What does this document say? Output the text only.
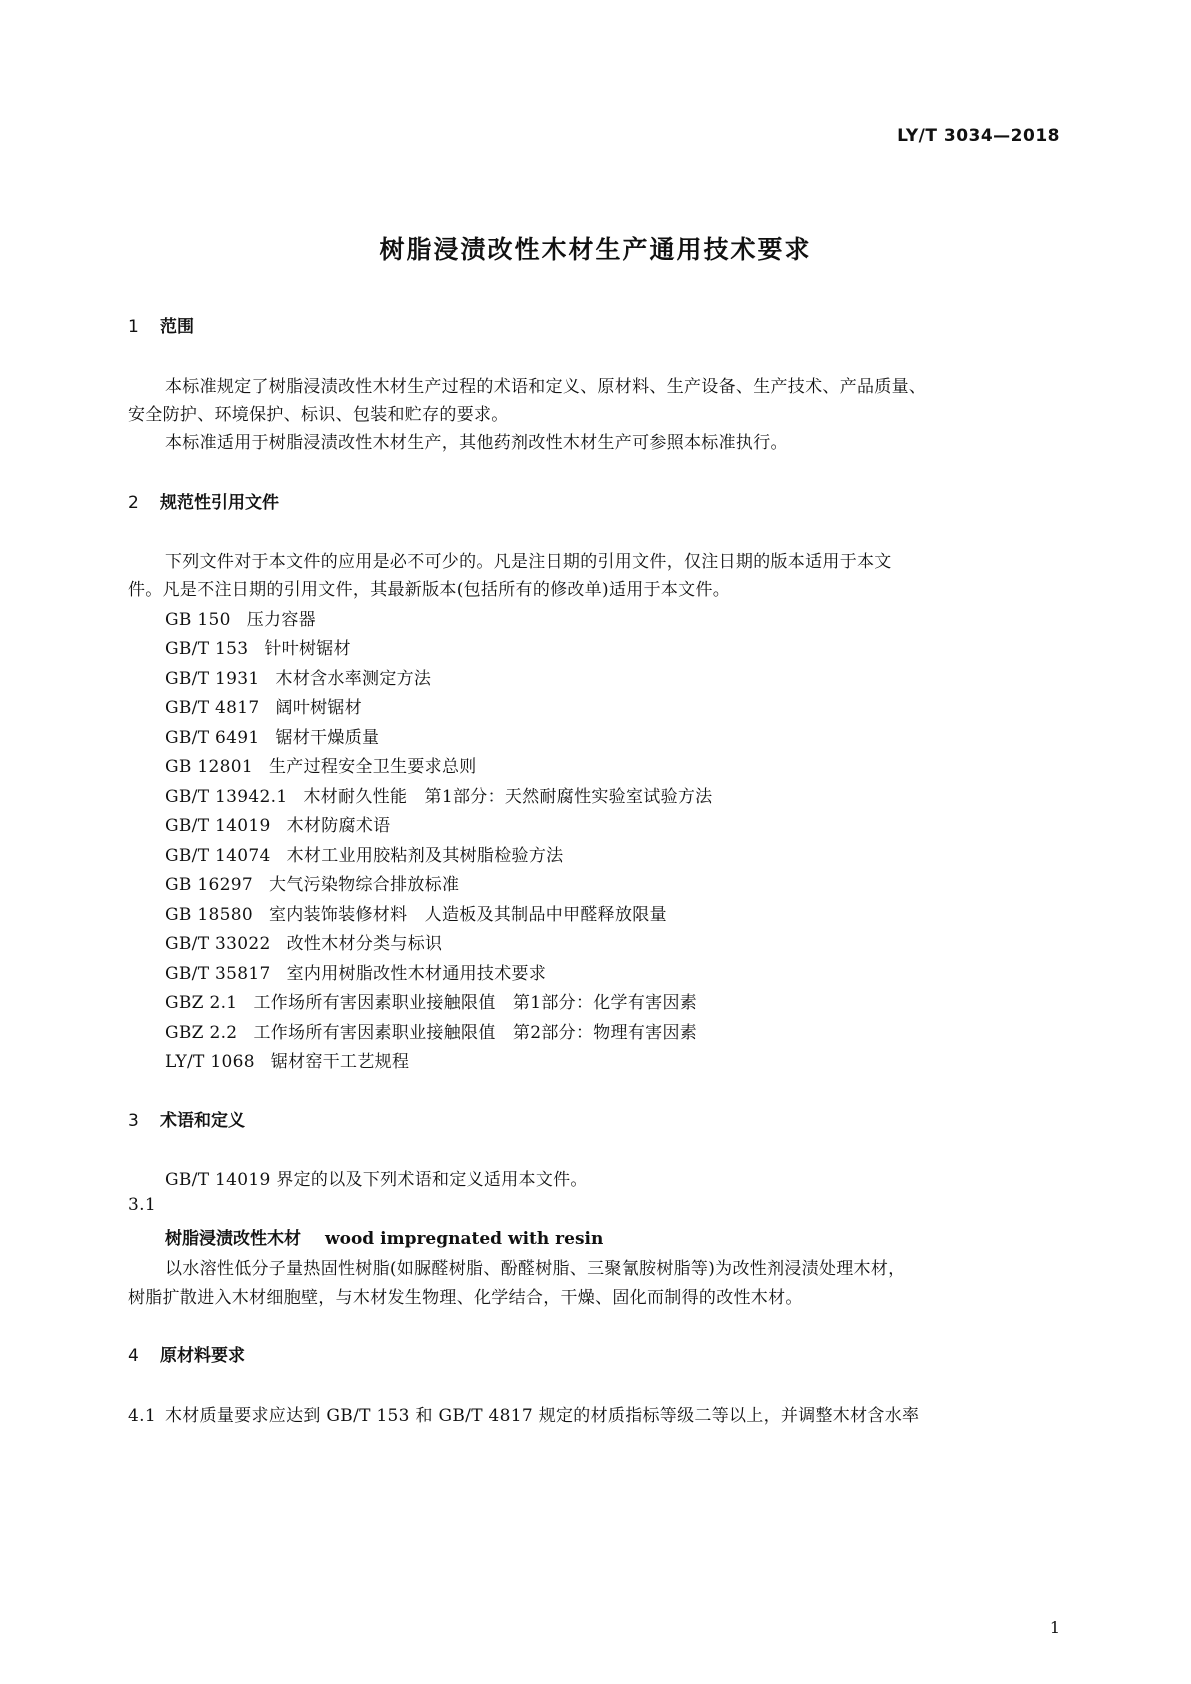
LY/T 3034—2018
树脂浸渍改性木材生产通用技术要求
1 范围
本标准规定了树脂浸渍改性木材生产过程的术语和定义、原材料、生产设备、生产技术、产品质量、
安全防护、环境保护、标识、包装和贮存的要求。
本标准适用于树脂浸渍改性木材生产，其他药剂改性木材生产可参照本标准执行。
2 规范性引用文件
下列文件对于本文件的应用是必不可少的。凡是注日期的引用文件，仅注日期的版本适用于本文
件。凡是不注日期的引用文件，其最新版本(包括所有的修改单)适用于本文件。
GB 150 压力容器
GB/T 153 针叶树锯材
GB/T 1931 木材含水率测定方法
GB/T 4817 阔叶树锯材
GB/T 6491 锯材干燥质量
GB 12801 生产过程安全卫生要求总则
GB/T 13942.1 木材耐久性能　第1部分：天然耐腐性实验室试验方法
GB/T 14019 木材防腐术语
GB/T 14074 木材工业用胶粘剂及其树脂检验方法
GB 16297 大气污染物综合排放标准
GB 18580 室内装饰装修材料　人造板及其制品中甲醛释放限量
GB/T 33022 改性木材分类与标识
GB/T 35817 室内用树脂改性木材通用技术要求
GBZ 2.1 工作场所有害因素职业接触限值　第1部分：化学有害因素
GBZ 2.2 工作场所有害因素职业接触限值　第2部分：物理有害因素
LY/T 1068 锯材窑干工艺规程
3 术语和定义
GB/T 14019 界定的以及下列术语和定义适用本文件。
3.1
树脂浸渍改性木材 wood impregnated with resin
以水溶性低分子量热固性树脂(如脲醛树脂、酚醛树脂、三聚氰胺树脂等)为改性剂浸渍处理木材，
树脂扩散进入木材细胞壁，与木材发生物理、化学结合，干燥、固化而制得的改性木材。
4 原材料要求
4.1 木材质量要求应达到 GB/T 153 和 GB/T 4817 规定的材质指标等级二等以上，并调整木材含水率
1
